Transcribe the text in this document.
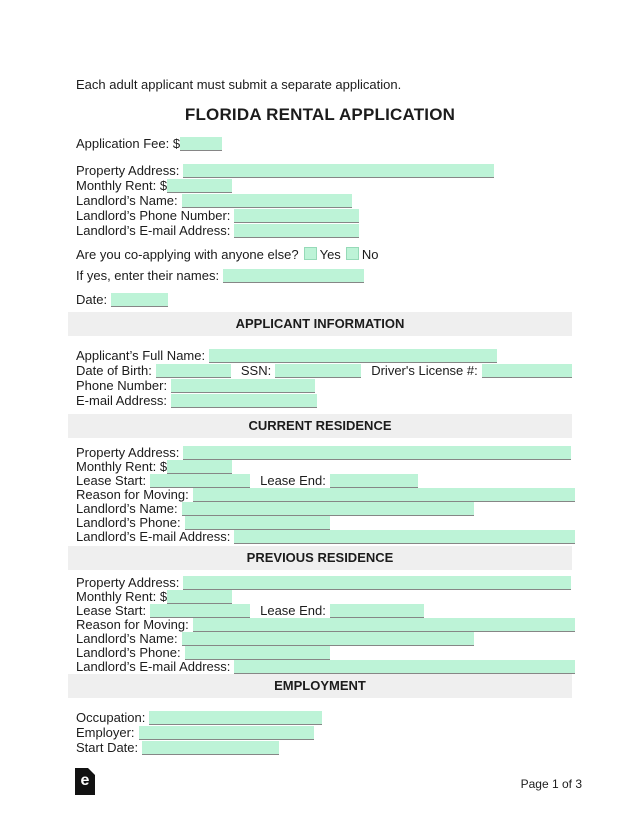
Each adult applicant must submit a separate application.
FLORIDA RENTAL APPLICATION
Application Fee: $
Property Address:
Monthly Rent: $
Landlord’s Name:
Landlord’s Phone Number:
Landlord’s E-mail Address:
Are you co-applying with anyone else? Yes No
If yes, enter their names:
Date:
APPLICANT INFORMATION
Applicant’s Full Name:
Date of Birth:	SSN:	Driver's License #:
Phone Number:
E-mail Address:
CURRENT RESIDENCE
Property Address:
Monthly Rent: $
Lease Start:	Lease End:
Reason for Moving:
Landlord’s Name:
Landlord’s Phone:
Landlord’s E-mail Address:
PREVIOUS RESIDENCE
Property Address:
Monthly Rent: $
Lease Start:	Lease End:
Reason for Moving:
Landlord’s Name:
Landlord’s Phone:
Landlord’s E-mail Address:
EMPLOYMENT
Occupation:
Employer:
Start Date:
e	Page 1 of 3
